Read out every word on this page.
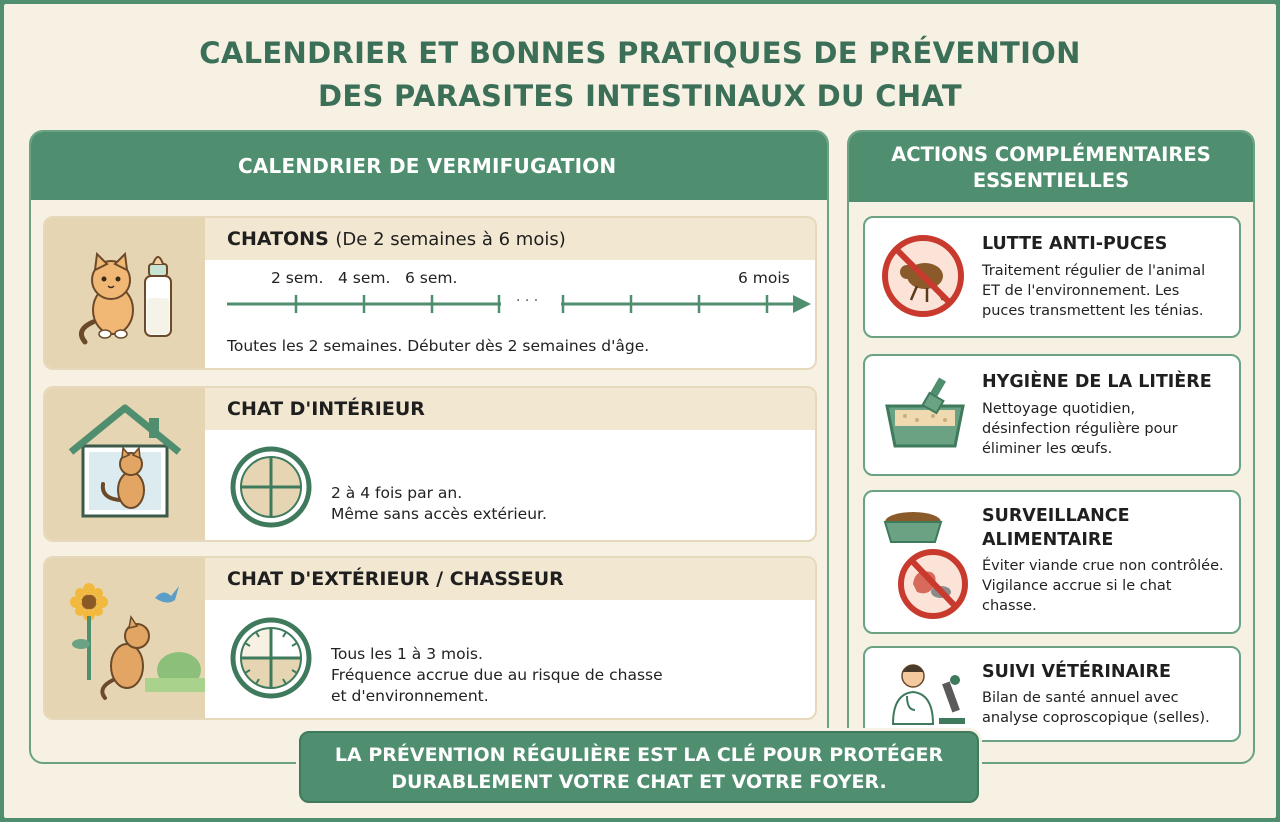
CALENDRIER ET BONNES PRATIQUES DE PRÉVENTION
DES PARASITES INTESTINAUX DU CHAT
CALENDRIER DE VERMIFUGATION
CHATONS (De 2 semaines à 6 mois)
2 sem. 4 sem. 6 sem.	6 mois
· · ·
Toutes les 2 semaines. Débuter dès 2 semaines d'âge.
CHAT D'INTÉRIEUR
2 à 4 fois par an.
Même sans accès extérieur.
CHAT D'EXTÉRIEUR / CHASSEUR
Tous les 1 à 3 mois.
Fréquence accrue due au risque de chasse
et d'environnement.
ACTIONS COMPLÉMENTAIRES
ESSENTIELLES
LUTTE ANTI-PUCES
Traitement régulier de l'animal
ET de l'environnement. Les
puces transmettent les ténias.
HYGIÈNE DE LA LITIÈRE
Nettoyage quotidien,
désinfection régulière pour
éliminer les œufs.
SURVEILLANCE
ALIMENTAIRE
Éviter viande crue non contrôlée.
Vigilance accrue si le chat
chasse.
SUIVI VÉTÉRINAIRE
Bilan de santé annuel avec
analyse coproscopique (selles).
LA PRÉVENTION RÉGULIÈRE EST LA CLÉ POUR PROTÉGER
DURABLEMENT VOTRE CHAT ET VOTRE FOYER.
